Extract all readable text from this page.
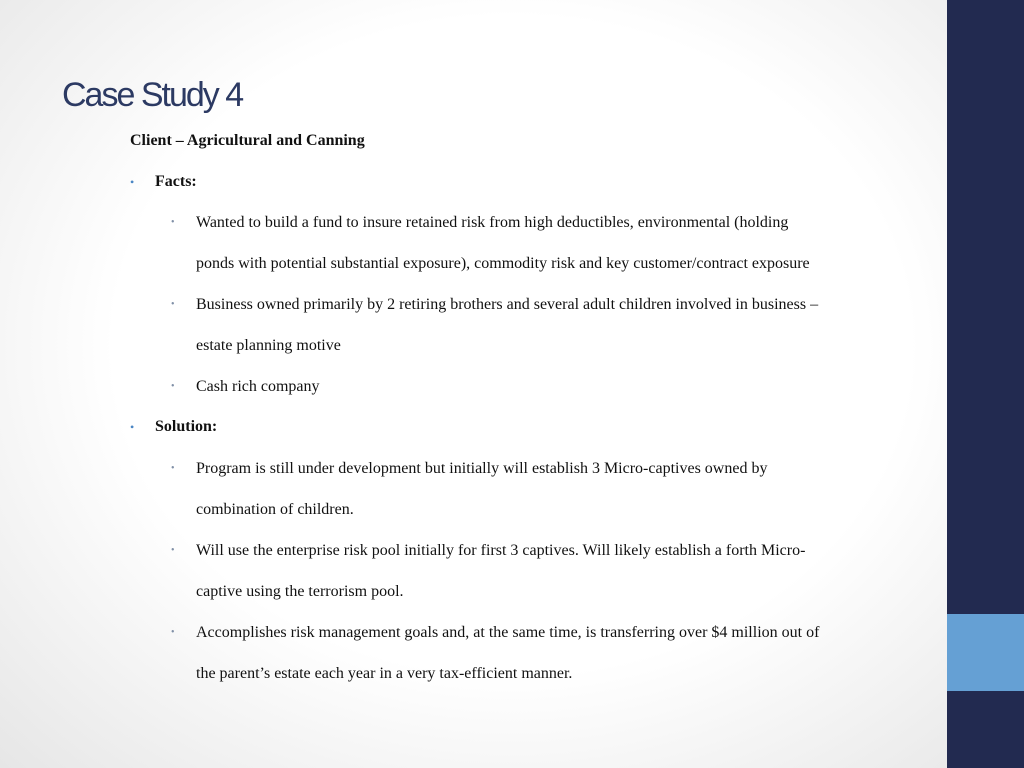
Case Study 4
Client – Agricultural and Canning
• Facts:
• Wanted to build a fund to insure retained risk from high deductibles, environmental (holding
ponds with potential substantial exposure), commodity risk and key customer/contract exposure
• Business owned primarily by 2 retiring brothers and several adult children involved in business –
estate planning motive
• Cash rich company
• Solution:
• Program is still under development but initially will establish 3 Micro-captives owned by
combination of children.
• Will use the enterprise risk pool initially for first 3 captives. Will likely establish a forth Micro-
captive using the terrorism pool.
• Accomplishes risk management goals and, at the same time, is transferring over $4 million out of
the parent’s estate each year in a very tax-efficient manner.
